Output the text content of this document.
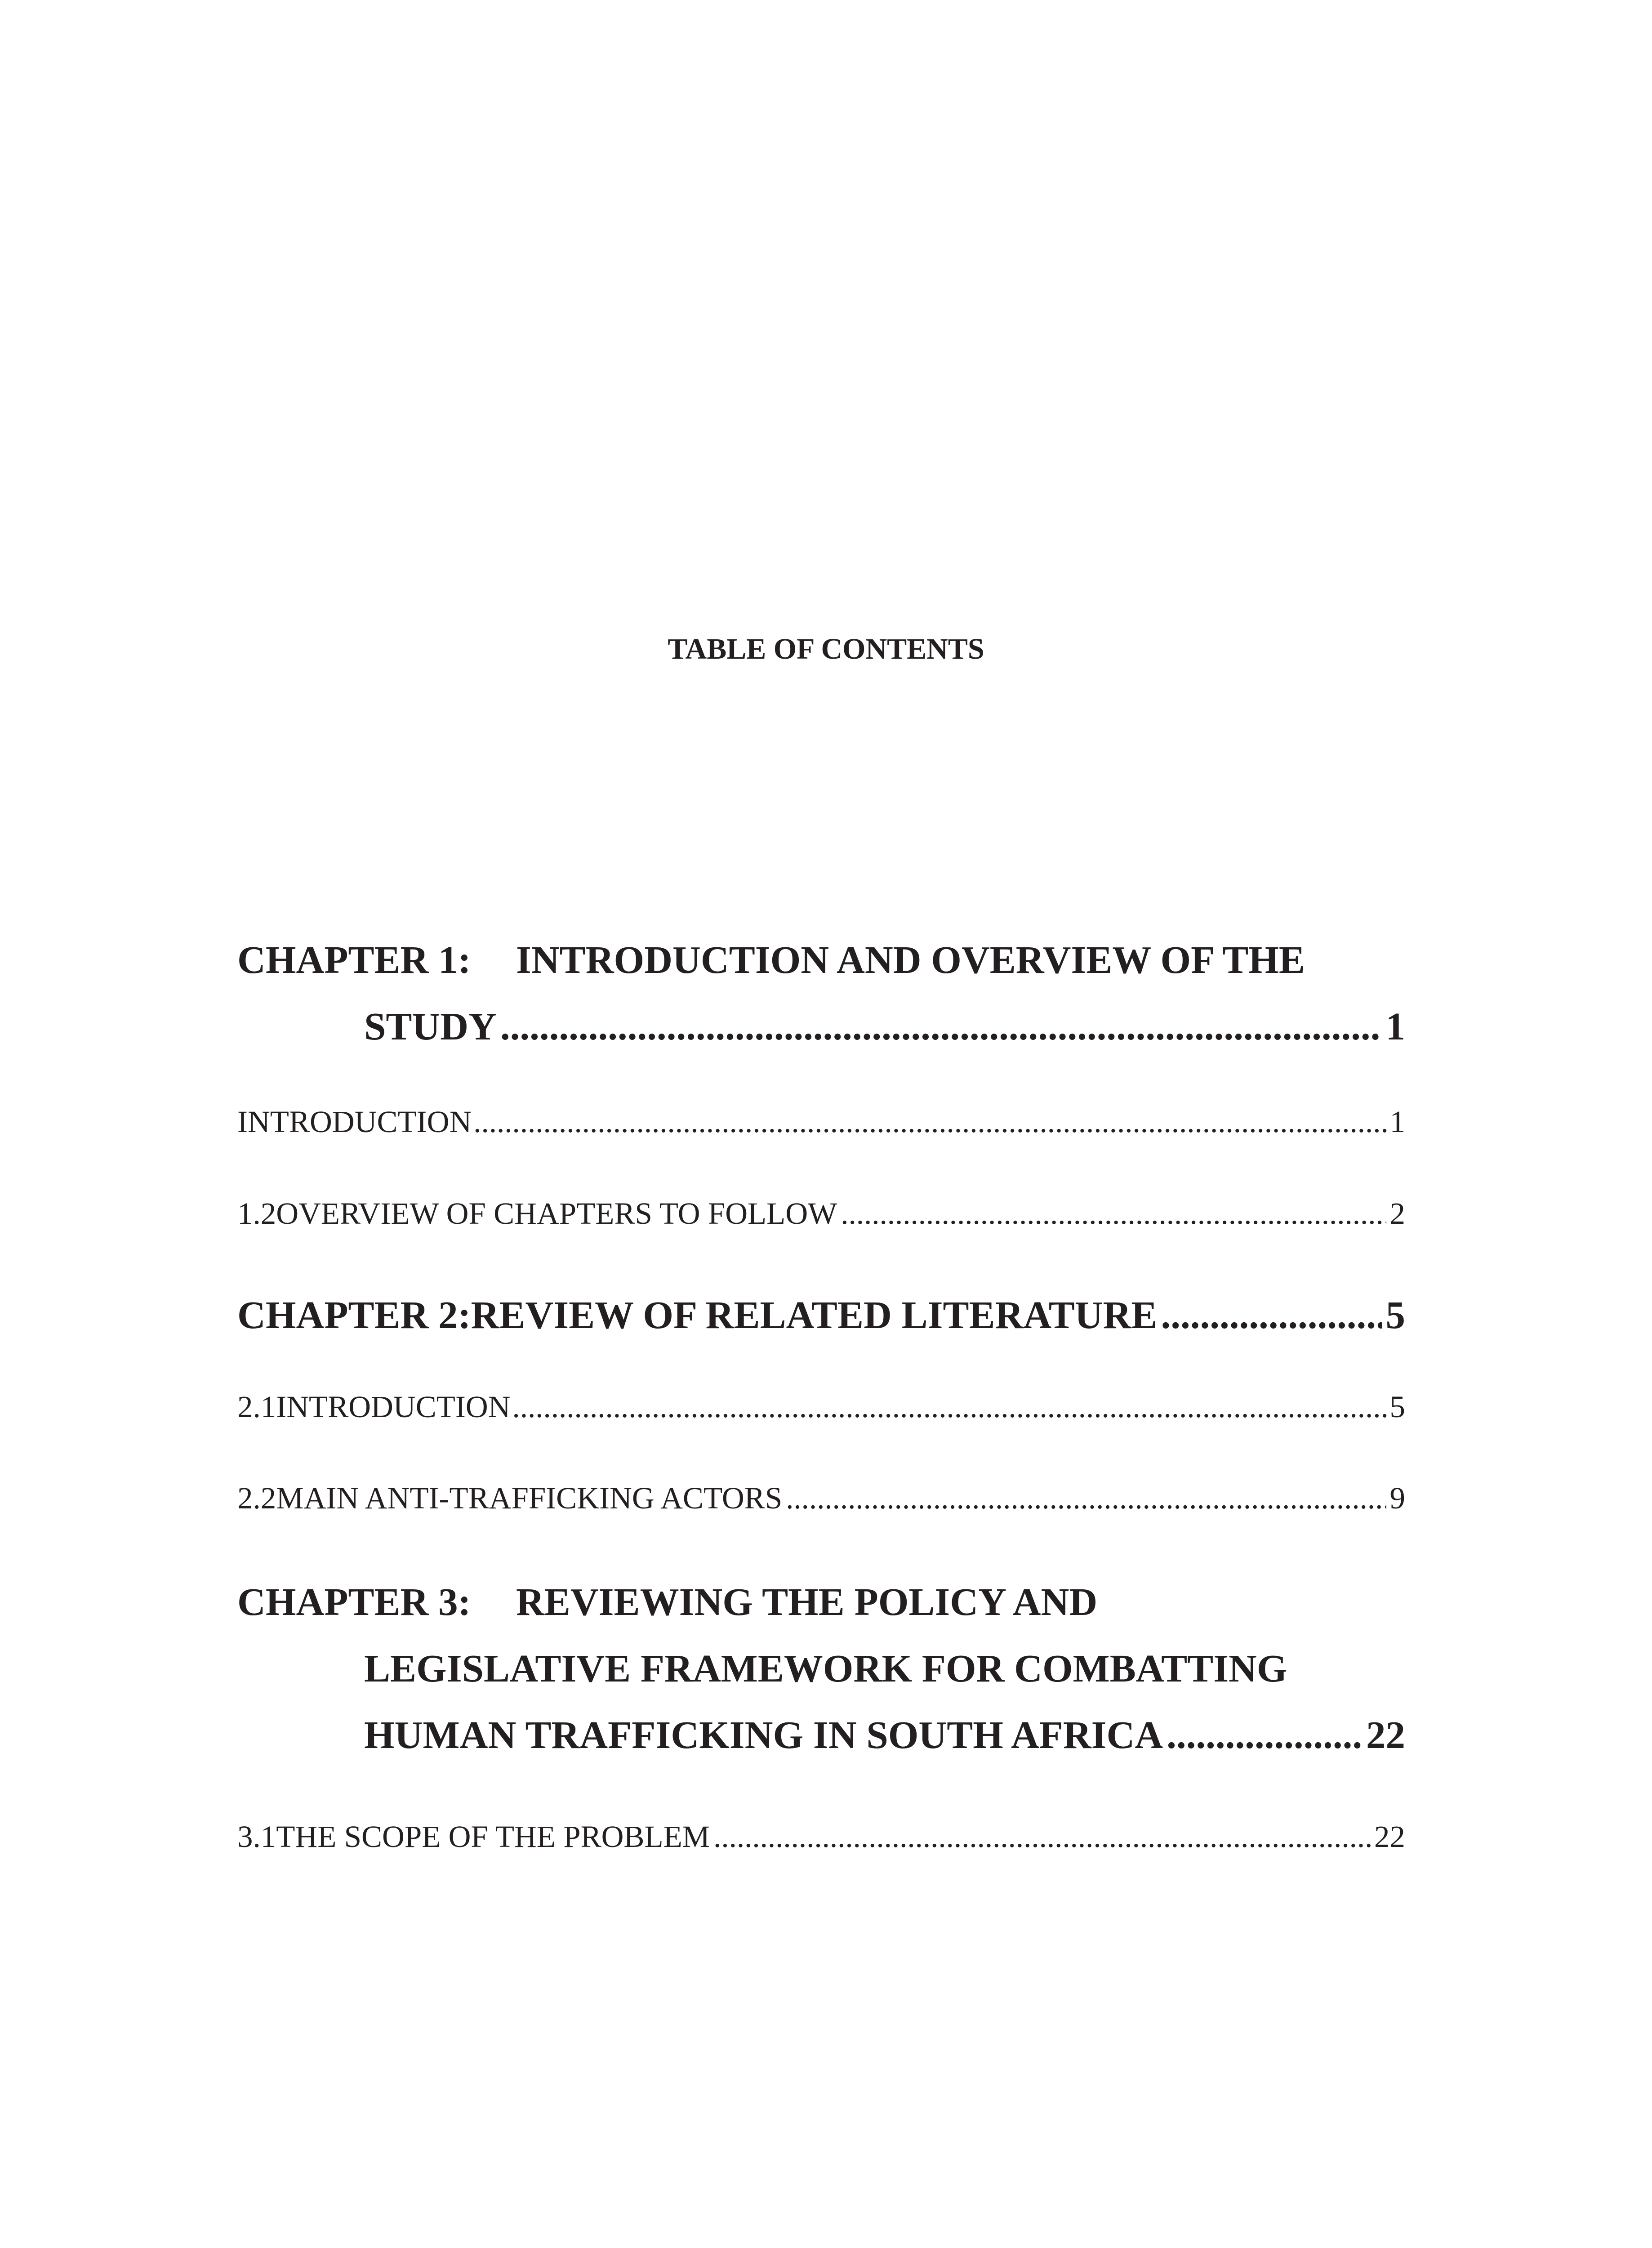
TABLE OF CONTENTS
CHAPTER 1:	INTRODUCTION AND OVERVIEW OF THE
STUDY .....	1
INTRODUCTION .....	1
1.2 OVERVIEW OF CHAPTERS TO FOLLOW .....	2
CHAPTER 2: REVIEW OF RELATED LITERATURE .....	5
2.1 INTRODUCTION .....	5
2.2 MAIN ANTI-TRAFFICKING ACTORS .....	9
CHAPTER 3:	REVIEWING THE POLICY AND
LEGISLATIVE FRAMEWORK FOR COMBATTING
HUMAN TRAFFICKING IN SOUTH AFRICA .....	22
3.1 THE SCOPE OF THE PROBLEM .....	22
